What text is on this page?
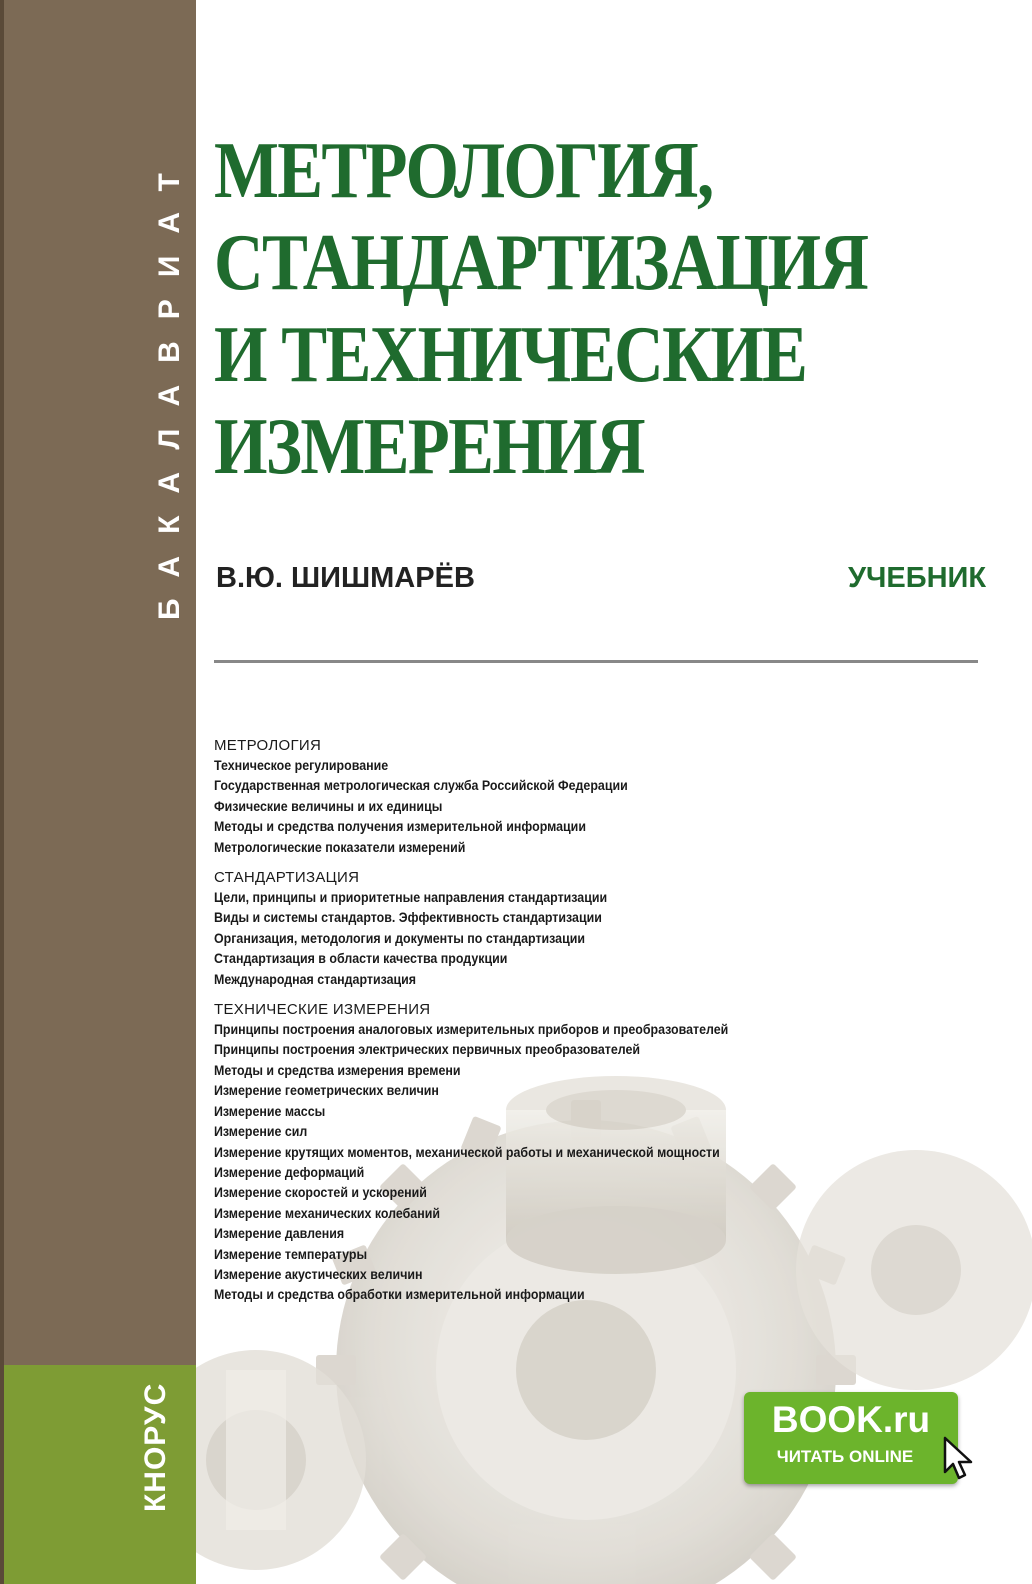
БАКАЛАВРИАТ
КНОРУС
МЕТРОЛОГИЯ,
СТАНДАРТИЗАЦИЯ
И ТЕХНИЧЕСКИЕ
ИЗМЕРЕНИЯ
В.Ю. ШИШМАРЁВ	УЧЕБНИК
МЕТРОЛОГИЯ
Техническое регулирование
Государственная метрологическая служба Российской Федерации
Физические величины и их единицы
Методы и средства получения измерительной информации
Метрологические показатели измерений
СТАНДАРТИЗАЦИЯ
Цели, принципы и приоритетные направления стандартизации
Виды и системы стандартов. Эффективность стандартизации
Организация, методология и документы по стандартизации
Стандартизация в области качества продукции
Международная стандартизация
ТЕХНИЧЕСКИЕ ИЗМЕРЕНИЯ
Принципы построения аналоговых измерительных приборов и преобразователей
Принципы построения электрических первичных преобразователей
Методы и средства измерения времени
Измерение геометрических величин
Измерение массы
Измерение сил
Измерение крутящих моментов, механической работы и механической мощности
Измерение деформаций
Измерение скоростей и ускорений
Измерение механических колебаний
Измерение давления
Измерение температуры
Измерение акустических величин
Методы и средства обработки измерительной информации
BOOK.ru
ЧИТАТЬ ONLINE
